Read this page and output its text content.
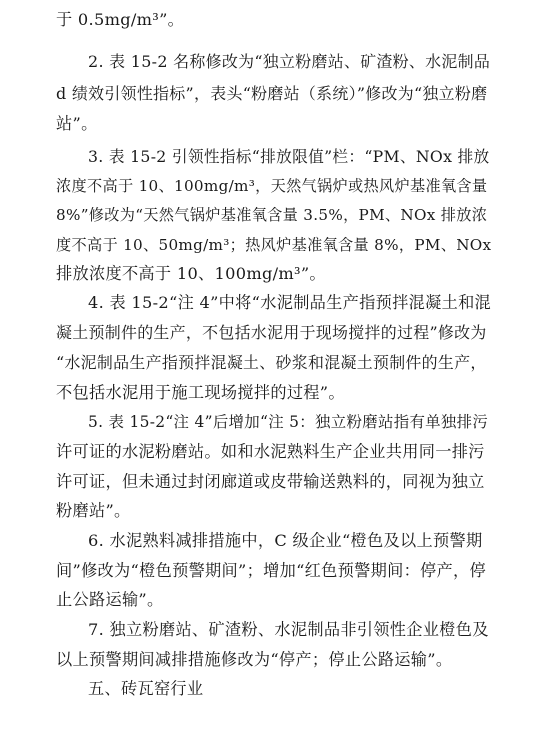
于 0.5mg/m³”。
2. 表 15-2 名称修改为“独立粉磨站、矿渣粉、水泥制品
d 绩效引领性指标”，表头“粉磨站（系统）”修改为“独立粉磨
站”。
3. 表 15-2 引领性指标“排放限值”栏：“PM、NOx 排放
浓度不高于 10、100mg/m³，天然气锅炉或热风炉基准氧含量
8%”修改为“天然气锅炉基准氧含量 3.5%，PM、NOx 排放浓
度不高于 10、50mg/m³；热风炉基准氧含量 8%，PM、NOx
排放浓度不高于 10、100mg/m³”。
4. 表 15-2“注 4”中将“水泥制品生产指预拌混凝土和混
凝土预制件的生产，不包括水泥用于现场搅拌的过程”修改为
“水泥制品生产指预拌混凝土、砂浆和混凝土预制件的生产，
不包括水泥用于施工现场搅拌的过程”。
5. 表 15-2“注 4”后增加“注 5：独立粉磨站指有单独排污
许可证的水泥粉磨站。如和水泥熟料生产企业共用同一排污
许可证，但未通过封闭廊道或皮带输送熟料的，同视为独立
粉磨站”。
6. 水泥熟料减排措施中，C 级企业“橙色及以上预警期
间”修改为“橙色预警期间”；增加“红色预警期间：停产，停
止公路运输”。
7. 独立粉磨站、矿渣粉、水泥制品非引领性企业橙色及
以上预警期间减排措施修改为“停产；停止公路运输”。
五、砖瓦窑行业
